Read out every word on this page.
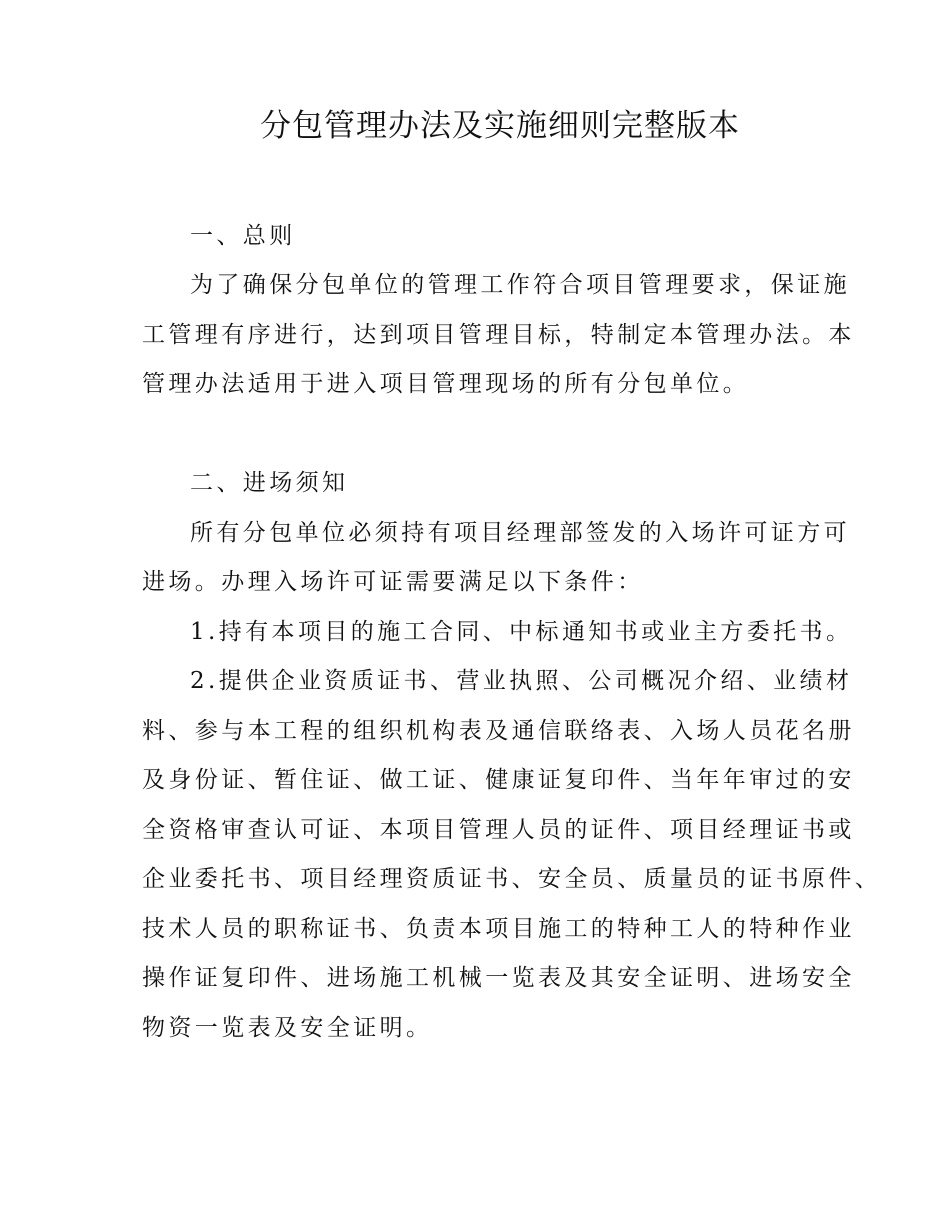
分包管理办法及实施细则完整版本
一、总则
为了确保分包单位的管理工作符合项目管理要求，保证施
工管理有序进行，达到项目管理目标，特制定本管理办法。本
管理办法适用于进入项目管理现场的所有分包单位。
二、进场须知
所有分包单位必须持有项目经理部签发的入场许可证方可
进场。办理入场许可证需要满足以下条件：
1.持有本项目的施工合同、中标通知书或业主方委托书。
2.提供企业资质证书、营业执照、公司概况介绍、业绩材
料、参与本工程的组织机构表及通信联络表、入场人员花名册
及身份证、暂住证、做工证、健康证复印件、当年年审过的安
全资格审查认可证、本项目管理人员的证件、项目经理证书或
企业委托书、项目经理资质证书、安全员、质量员的证书原件、
技术人员的职称证书、负责本项目施工的特种工人的特种作业
操作证复印件、进场施工机械一览表及其安全证明、进场安全
物资一览表及安全证明。
